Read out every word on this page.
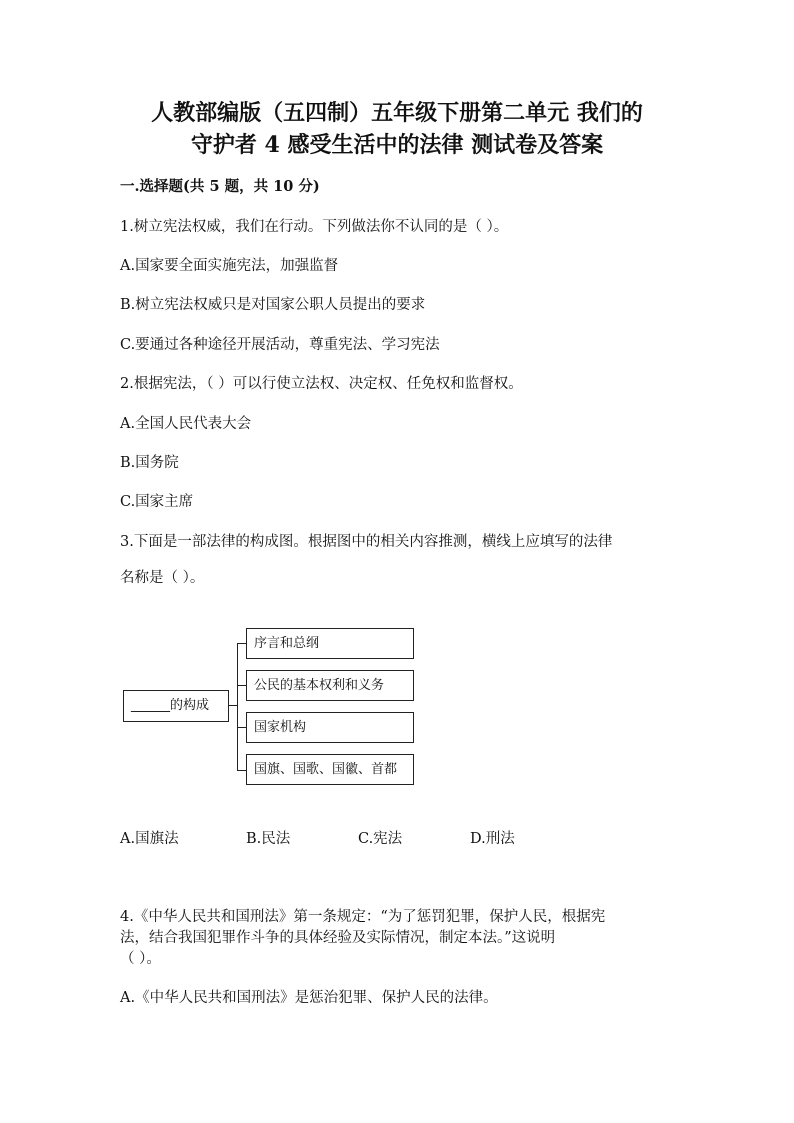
人教部编版（五四制）五年级下册第二单元 我们的
守护者 4 感受生活中的法律 测试卷及答案
一.选择题(共 5 题，共 10 分)
1.树立宪法权威，我们在行动。下列做法你不认同的是（ ）。
A.国家要全面实施宪法，加强监督
B.树立宪法权威只是对国家公职人员提出的要求
C.要通过各种途径开展活动，尊重宪法、学习宪法
2.根据宪法，（ ）可以行使立法权、决定权、任免权和监督权。
A.全国人民代表大会
B.国务院
C.国家主席
3.下面是一部法律的构成图。根据图中的相关内容推测，横线上应填写的法律
名称是（ ）。
______的构成
序言和总纲
公民的基本权利和义务
国家机构
国旗、国歌、国徽、首都
A.国旗法	B.民法	C.宪法	D.刑法
4.《中华人民共和国刑法》第一条规定：“为了惩罚犯罪，保护人民，根据宪
法，结合我国犯罪作斗争的具体经验及实际情况，制定本法。”这说明
（ ）。
A.《中华人民共和国刑法》是惩治犯罪、保护人民的法律。
